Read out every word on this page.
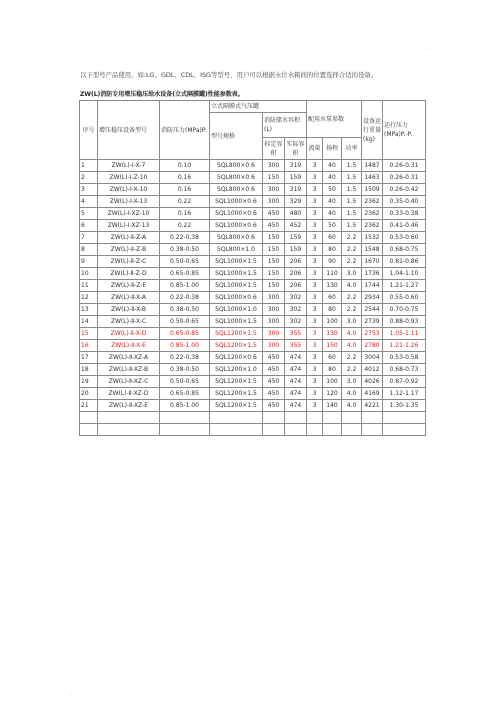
.
以下型号产品使用，如:LG、GDL、CDL、ISG等型号，用户可以根据水位水箱间的位置选择合适的设备。
ZW(L)消防专用增压稳压给水设备(立式隔膜罐)性能参数表。
序号	增压稳压设备型号	消防压力(MPa)P.	立式隔膜式气压罐			配用水泵参数			设备运行重量(kg)	运行压力(MPa)P.-P.
			型号规格	消防储水容积(L)						
				标定容积	实际容积	流量	扬程	功率		
1	ZW(L)-Ⅰ-X-7	0.10	SQL800×0.6	300	319	3	40	1.5	1487	0.26-0.31
2	ZW(L)-Ⅰ-Z-10	0.16	SQL800×0.6	150	159	3	40	1.5	1463	0.26-0.31
3	ZW(L)-Ⅰ-X-10	0.16	SQL800×0.6	300	319	3	50	1.5	1509	0.26-0.42
4	ZW(L)-Ⅰ-X-13	0.22	SQL1000×0.6	300	329	3	40	1.5	2362	0.35-0.40
5	ZW(L)-Ⅰ-XZ-10	0.16	SQL1000×0.6	450	480	3	40	1.5	2362	0.33-0.38
6	ZW(L)-Ⅰ-XZ-13	0.22	SQL1000×0.6	450	452	3	50	1.5	2362	0.41-0.46
7	ZW(L)-Ⅱ-Z-A	0.22-0.38	SQL800×0.6	150	159	3	60	2.2	1532	0.53-0.60
8	ZW(L)-Ⅱ-Z-B	0.38-0.50	SQL800×1.0	150	159	3	80	2.2	1548	0.68-0.75
9	ZW(L)-Ⅱ-Z-C	0.50-0.65	SQL1000×1.5	150	206	3	90	2.2	1670	0.81-0.86
10	ZW(L)-Ⅱ-Z-D	0.65-0.85	SQL1000×1.5	150	206	3	110	3.0	1736	1.04-1.10
11	ZW(L)-Ⅱ-Z-E	0.85-1.00	SQL1000×1.5	150	206	3	130	4.0	1744	1.21-1.27
12	ZW(L)-Ⅱ-X-A	0.22-0.38	SQL1000×0.6	300	302	3	60	2.2	2934	0.55-0.60
13	ZW(L)-Ⅱ-X-B	0.38-0.50	SQL1000×1.0	300	302	3	80	2.2	2544	0.70-0.75
14	ZW(L)-Ⅱ-X-C	0.50-0.65	SQL1000×1.5	300	302	3	100	3.0	2739	0.88-0.93
15	ZW(L)-Ⅱ-X-D	0.65-0.85	SQL1200×1.5	300	355	3	130	4.0	2753	1.05-1.11
16	ZW(L)-Ⅱ-X-E	0.85-1.00	SQL1200×1.5	300	355	3	150	4.0	2780	1.21-1.26
17	ZW(L)-Ⅱ-XZ-A	0.22-0.38	SQL1200×0.6	450	474	3	60	2.2	3004	0.53-0.58
18	ZW(L)-Ⅱ-XZ-B	0.38-0.50	SQL1200×1.0	450	474	3	80	2.2	4012	0.68-0.73
19	ZW(L)-Ⅱ-XZ-C	0.50-0.65	SQL1200×1.5	450	474	3	100	3.0	4026	0.87-0.92
20	ZW(L)-Ⅱ-XZ-D	0.65-0.85	SQL1200×1.5	450	474	3	120	4.0	4169	1.12-1.17
21	ZW(L)-Ⅱ-XZ-E	0.85-1.00	SQL1200×1.5	450	474	3	140	4.0	4221	1.30-1.35

.
